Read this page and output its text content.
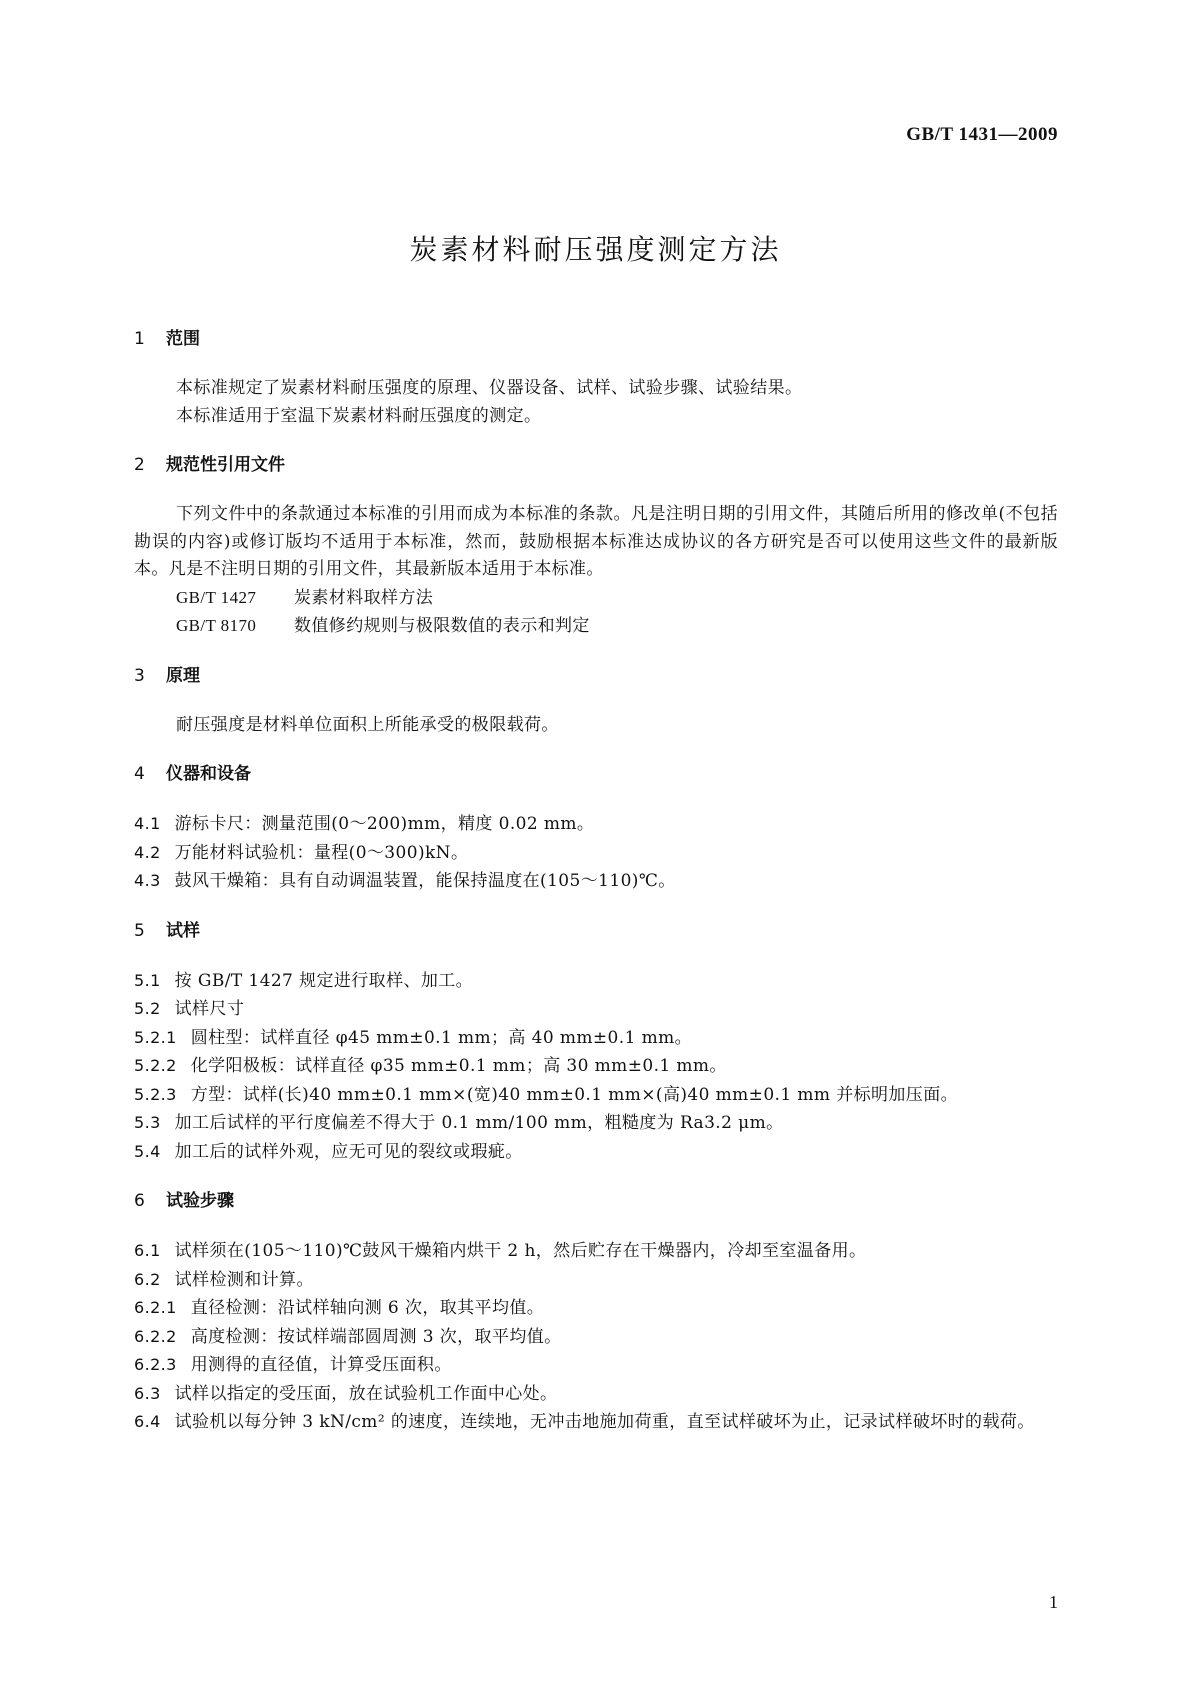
GB/T 1431—2009
炭素材料耐压强度测定方法
1 范围

本标准规定了炭素材料耐压强度的原理、仪器设备、试样、试验步骤、试验结果。

本标准适用于室温下炭素材料耐压强度的测定。

2 规范性引用文件

下列文件中的条款通过本标准的引用而成为本标准的条款。凡是注明日期的引用文件，其随后所用的修改单(不包括勘误的内容)或修订版均不适用于本标准，然而，鼓励根据本标准达成协议的各方研究是否可以使用这些文件的最新版本。凡是不注明日期的引用文件，其最新版本适用于本标准。

GB/T 1427 炭素材料取样方法

GB/T 8170 数值修约规则与极限数值的表示和判定

3 原理

耐压强度是材料单位面积上所能承受的极限载荷。

4 仪器和设备

4.1 游标卡尺：测量范围(0～200)mm，精度 0.02 mm。

4.2 万能材料试验机：量程(0～300)kN。

4.3 鼓风干燥箱：具有自动调温装置，能保持温度在(105～110)℃。

5 试样

5.1 按 GB/T 1427 规定进行取样、加工。

5.2 试样尺寸

5.2.1 圆柱型：试样直径 φ45 mm±0.1 mm；高 40 mm±0.1 mm。

5.2.2 化学阳极板：试样直径 φ35 mm±0.1 mm；高 30 mm±0.1 mm。

5.2.3 方型：试样(长)40 mm±0.1 mm×(宽)40 mm±0.1 mm×(高)40 mm±0.1 mm 并标明加压面。

5.3 加工后试样的平行度偏差不得大于 0.1 mm/100 mm，粗糙度为 Ra3.2 μm。

5.4 加工后的试样外观，应无可见的裂纹或瑕疵。

6 试验步骤

6.1 试样须在(105～110)℃鼓风干燥箱内烘干 2 h，然后贮存在干燥器内，冷却至室温备用。

6.2 试样检测和计算。

6.2.1 直径检测：沿试样轴向测 6 次，取其平均值。

6.2.2 高度检测：按试样端部圆周测 3 次，取平均值。

6.2.3 用测得的直径值，计算受压面积。

6.3 试样以指定的受压面，放在试验机工作面中心处。

6.4 试验机以每分钟 3 kN/cm² 的速度，连续地，无冲击地施加荷重，直至试样破坏为止，记录试样破坏时的载荷。

1
